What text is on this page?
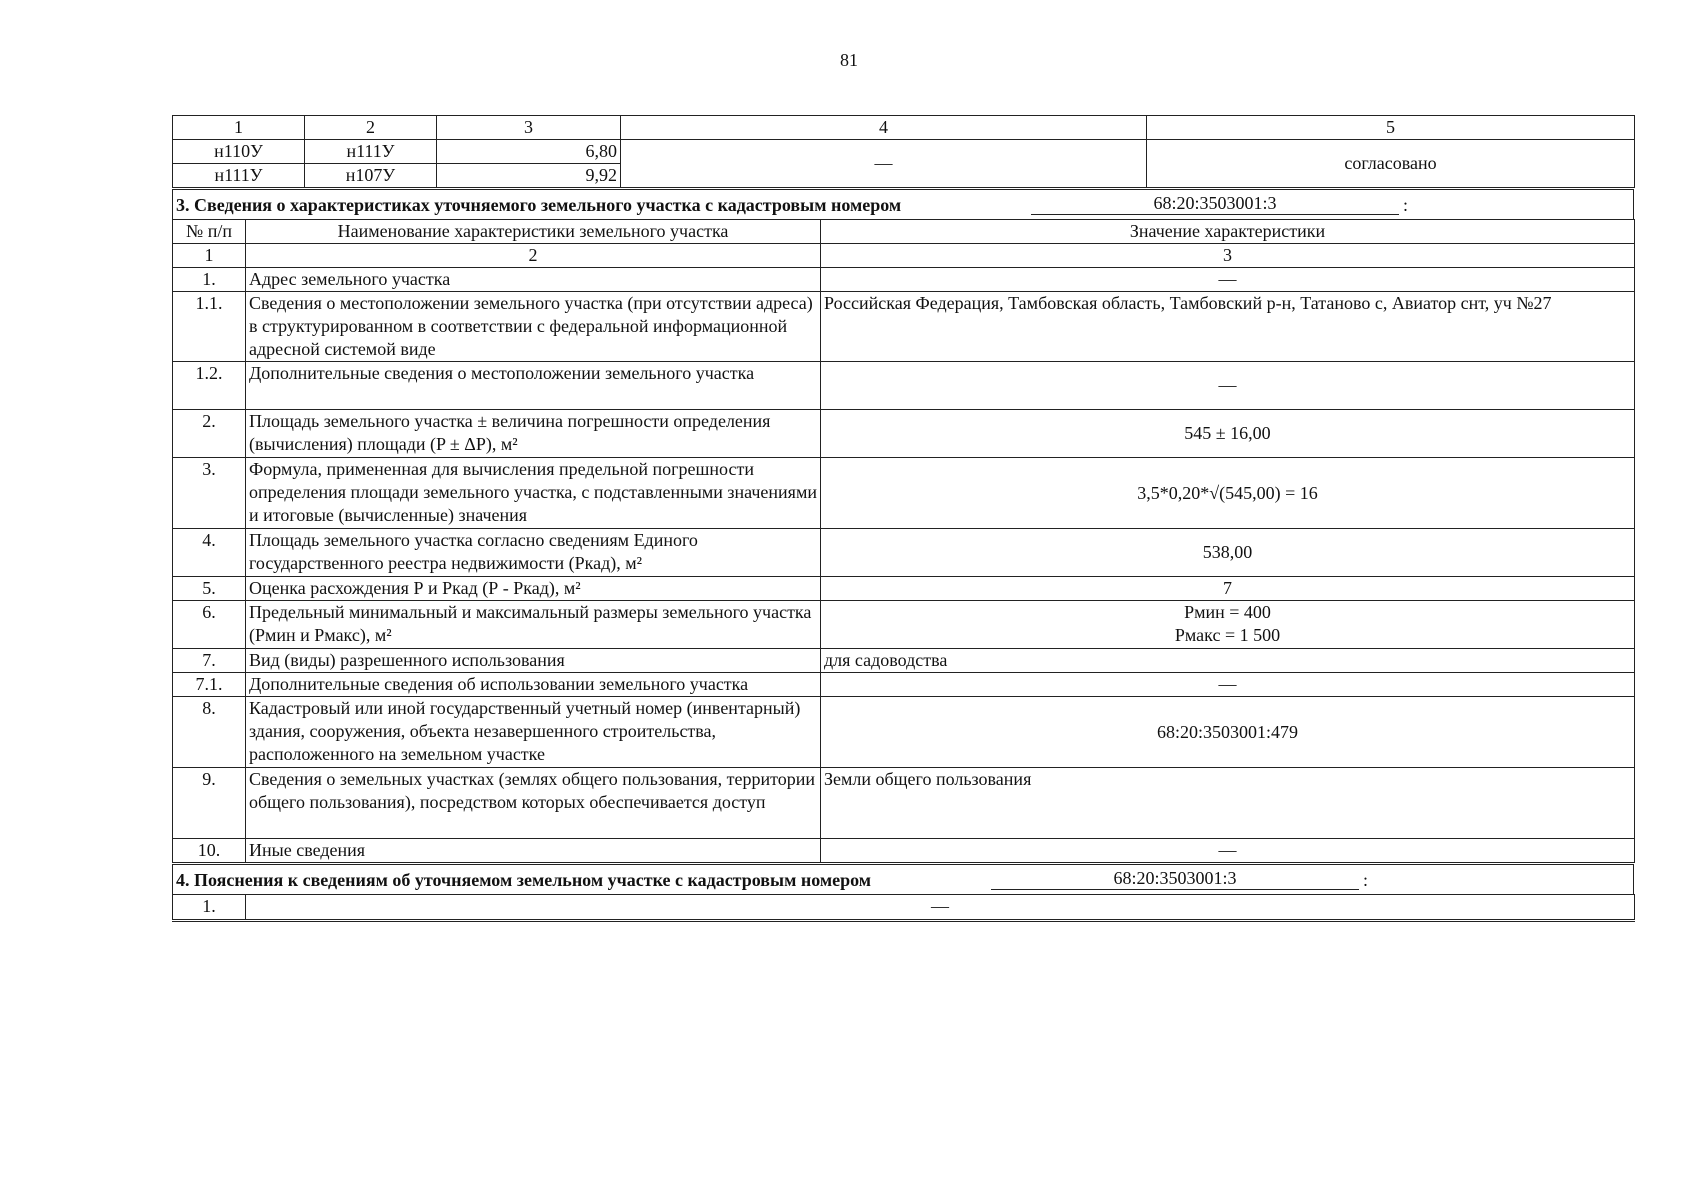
81
1	2	3	4	5
н110У	н111У	6,80	—	согласовано
н111У	н107У	9,92		
3. Сведения о характеристиках уточняемого земельного участка с кадастровым номером	68:20:3503001:3	:
№ п/п	Наименование характеристики земельного участка	Значение характеристики
1	2	3
1.	Адрес земельного участка	—
1.1.	Сведения о местоположении земельного участка (при отсутствии адреса) в структурированном в соответствии с федеральной информационной адресной системой виде	Российская Федерация, Тамбовская область, Тамбовский р-н, Татаново с, Авиатор снт, уч №27
1.2.	Дополнительные сведения о местоположении земельного участка	—
2.	Площадь земельного участка ± величина погрешности определения (вычисления) площади (P ± ΔP), м²	545 ± 16,00
3.	Формула, примененная для вычисления предельной погрешности определения площади земельного участка, с подставленными значениями и итоговые (вычисленные) значения	3,5*0,20*√(545,00) = 16
4.	Площадь земельного участка согласно сведениям Единого государственного реестра недвижимости (Ркад), м²	538,00
5.	Оценка расхождения Р и Ркад (Р - Ркад), м²	7
6.	Предельный минимальный и максимальный размеры земельного участка (Рмин и Рмакс), м²	Рмин = 400
Рмакс = 1 500

7.	Вид (виды) разрешенного использования	для садоводства
7.1.	Дополнительные сведения об использовании земельного участка	—
8.	Кадастровый или иной государственный учетный номер (инвентарный) здания, сооружения, объекта незавершенного строительства, расположенного на земельном участке	68:20:3503001:479
9.	Сведения о земельных участках (землях общего пользования, территории общего пользования), посредством которых обеспечивается доступ	Земли общего пользования
10.	Иные сведения	—
4. Пояснения к сведениям об уточняемом земельном участке с кадастровым номером	68:20:3503001:3	:
1.	—
